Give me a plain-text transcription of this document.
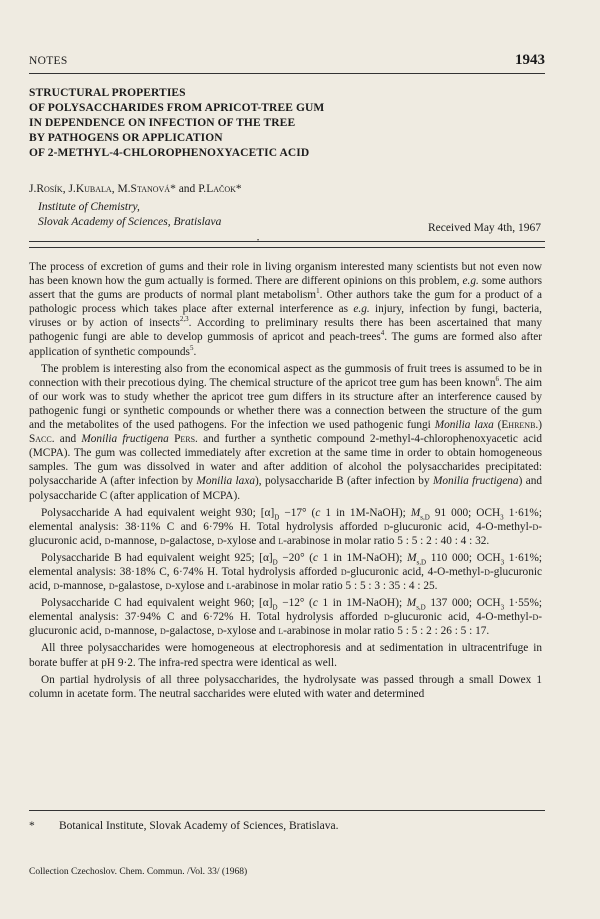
NOTES	1943
STRUCTURAL PROPERTIES
OF POLYSACCHARIDES FROM APRICOT-TREE GUM
IN DEPENDENCE ON INFECTION OF THE TREE
BY PATHOGENS OR APPLICATION
OF 2-METHYL-4-CHLOROPHENOXYACETIC ACID
J.Rosík, J.Kubala, M.Stanová* and P.Lačok*
Institute of Chemistry,
Slovak Academy of Sciences, Bratislava
Received May 4th, 1967
•

The process of excretion of gums and their role in living organism interested many scientists but not even now has been known how the gum actually is formed. There are different opinions on this problem, e.g. some authors assert that the gums are products of normal plant metabolism$^1$. Other authors take the gum for a product of a pathologic process which takes place after external interference as e.g. injury, infection by fungi, bacteria, viruses or by action of insects$^{2,3}$. According to preliminary results there has been ascertained that many pathogenic fungi are able to develop gummosis of apricot and peach-trees$^4$. The gums are formed also after application of synthetic compounds$^5$.

The problem is interesting also from the economical aspect as the gummosis of fruit trees is assumed to be in connection with their precotious dying. The chemical structure of the apricot tree gum has been known$^6$. The aim of our work was to study whether the apricot tree gum differs in its structure after an interference caused by pathogenic fungi or synthetic compounds or whether there was a connection between the structure of the gum and the metabolites of the used pathogens. For the infection we used pathogenic fungi Monilia laxa (Ehrenb.) Sacc. and Monilia fructigena Pers. and further a synthetic compound 2-methyl-4-chlorophenoxyacetic acid (MCPA). The gum was collected immediately after excretion at the same time in order to obtain homogeneous samples. The gum was dissolved in water and after addition of alcohol the polysaccharides precipitated: polysaccharide A (after infection by Monilia laxa), polysaccharide B (after infection by Monilia fructigena) and polysaccharide C (after application of MCPA).

Polysaccharide A had equivalent weight 930; $[\alpha]_D -17^\circ$ (c 1 in 1M-NaOH); $M_{s,D}$ 91 000; $OCH_3$ 1·61%; elemental analysis: 38·11% C and 6·79% H. Total hydrolysis afforded d-glucuronic acid, 4-O-methyl-d-glucuronic acid, d-mannose, d-galactose, d-xylose and l-arabinose in molar ratio 5 : 5 : 2 : 40 : 4 : 32.

Polysaccharide B had equivalent weight 925; $[\alpha]_D -20^\circ$ (c 1 in 1M-NaOH); $M_{s,D}$ 110 000; $OCH_3$ 1·61%; elemental analysis: 38·18% C, 6·74% H. Total hydrolysis afforded d-glucuronic acid, 4-O-methyl-d-glucuronic acid, d-mannose, d-galastose, d-xylose and l-arabinose in molar ratio 5 : 5 : 3 : 35 : 4 : 25.

Polysaccharide C had equivalent weight 960; $[\alpha]_D -12^\circ$ (c 1 in 1M-NaOH); $M_{s,D}$ 137 000; $OCH_3$ 1·55%; elemental analysis: 37·94% C and 6·72% H. Total hydrolysis afforded d-glucuronic acid, 4-O-methyl-d-glucuronic acid, d-mannose, d-galactose, d-xylose and l-arabinose in molar ratio 5 : 5 : 2 : 26 : 5 : 17.

All three polysaccharides were homogeneous at electrophoresis and at sedimentation in ultracentrifuge in borate buffer at pH 9·2. The infra-red spectra were identical as well.

On partial hydrolysis of all three polysaccharides, the hydrolysate was passed through a small Dowex 1 column in acetate form. The neutral saccharides were eluted with water and determined

* Botanical Institute, Slovak Academy of Sciences, Bratislava.
Collection Czechoslov. Chem. Commun. /Vol. 33/ (1968)
